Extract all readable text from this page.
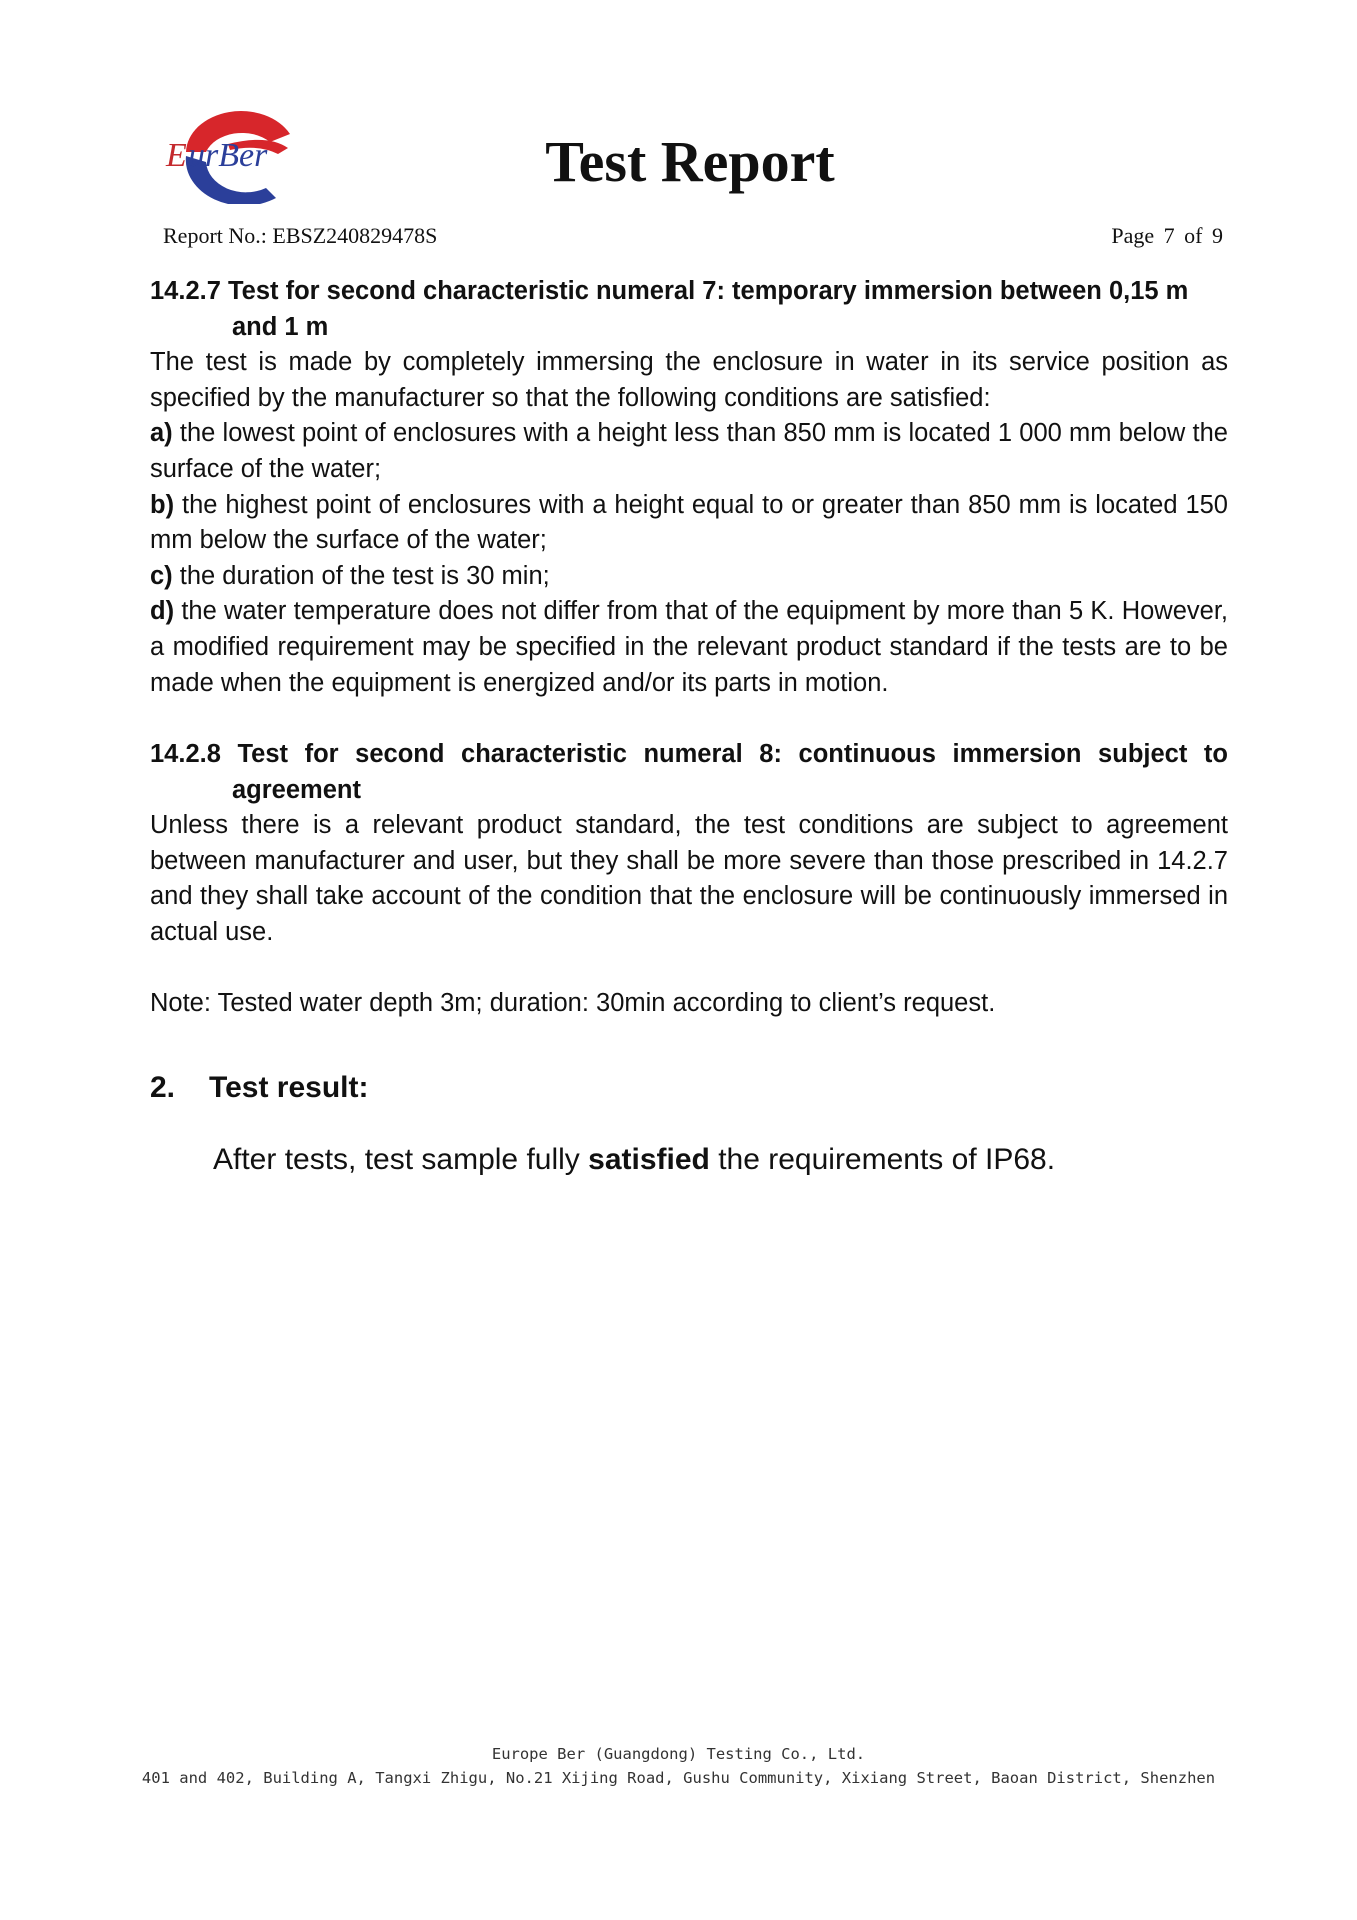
E urBer	Test Report
Report No.: EBSZ240829478S	Page 7 of 9

14.2.7 Test for second characteristic numeral 7: temporary immersion between 0,15 m and 1 m

The test is made by completely immersing the enclosure in water in its service position as specified by the manufacturer so that the following conditions are satisfied:

a) the lowest point of enclosures with a height less than 850 mm is located 1 000 mm below the surface of the water;

b) the highest point of enclosures with a height equal to or greater than 850 mm is located 150 mm below the surface of the water;

c) the duration of the test is 30 min;

d) the water temperature does not differ from that of the equipment by more than 5 K. However, a modified requirement may be specified in the relevant product standard if the tests are to be made when the equipment is energized and/or its parts in motion.

14.2.8 Test for second characteristic numeral 8: continuous immersion subject to agreement

Unless there is a relevant product standard, the test conditions are subject to agreement between manufacturer and user, but they shall be more severe than those prescribed in 14.2.7 and they shall take account of the condition that the enclosure will be continuously immersed in actual use.

Note: Tested water depth 3m; duration: 30min according to client’s request.
2. Test result:
After tests, test sample fully satisfied the requirements of IP68.
Europe Ber (Guangdong) Testing Co., Ltd.
401 and 402, Building A, Tangxi Zhigu, No.21 Xijing Road, Gushu Community, Xixiang Street, Baoan District, Shenzhen
